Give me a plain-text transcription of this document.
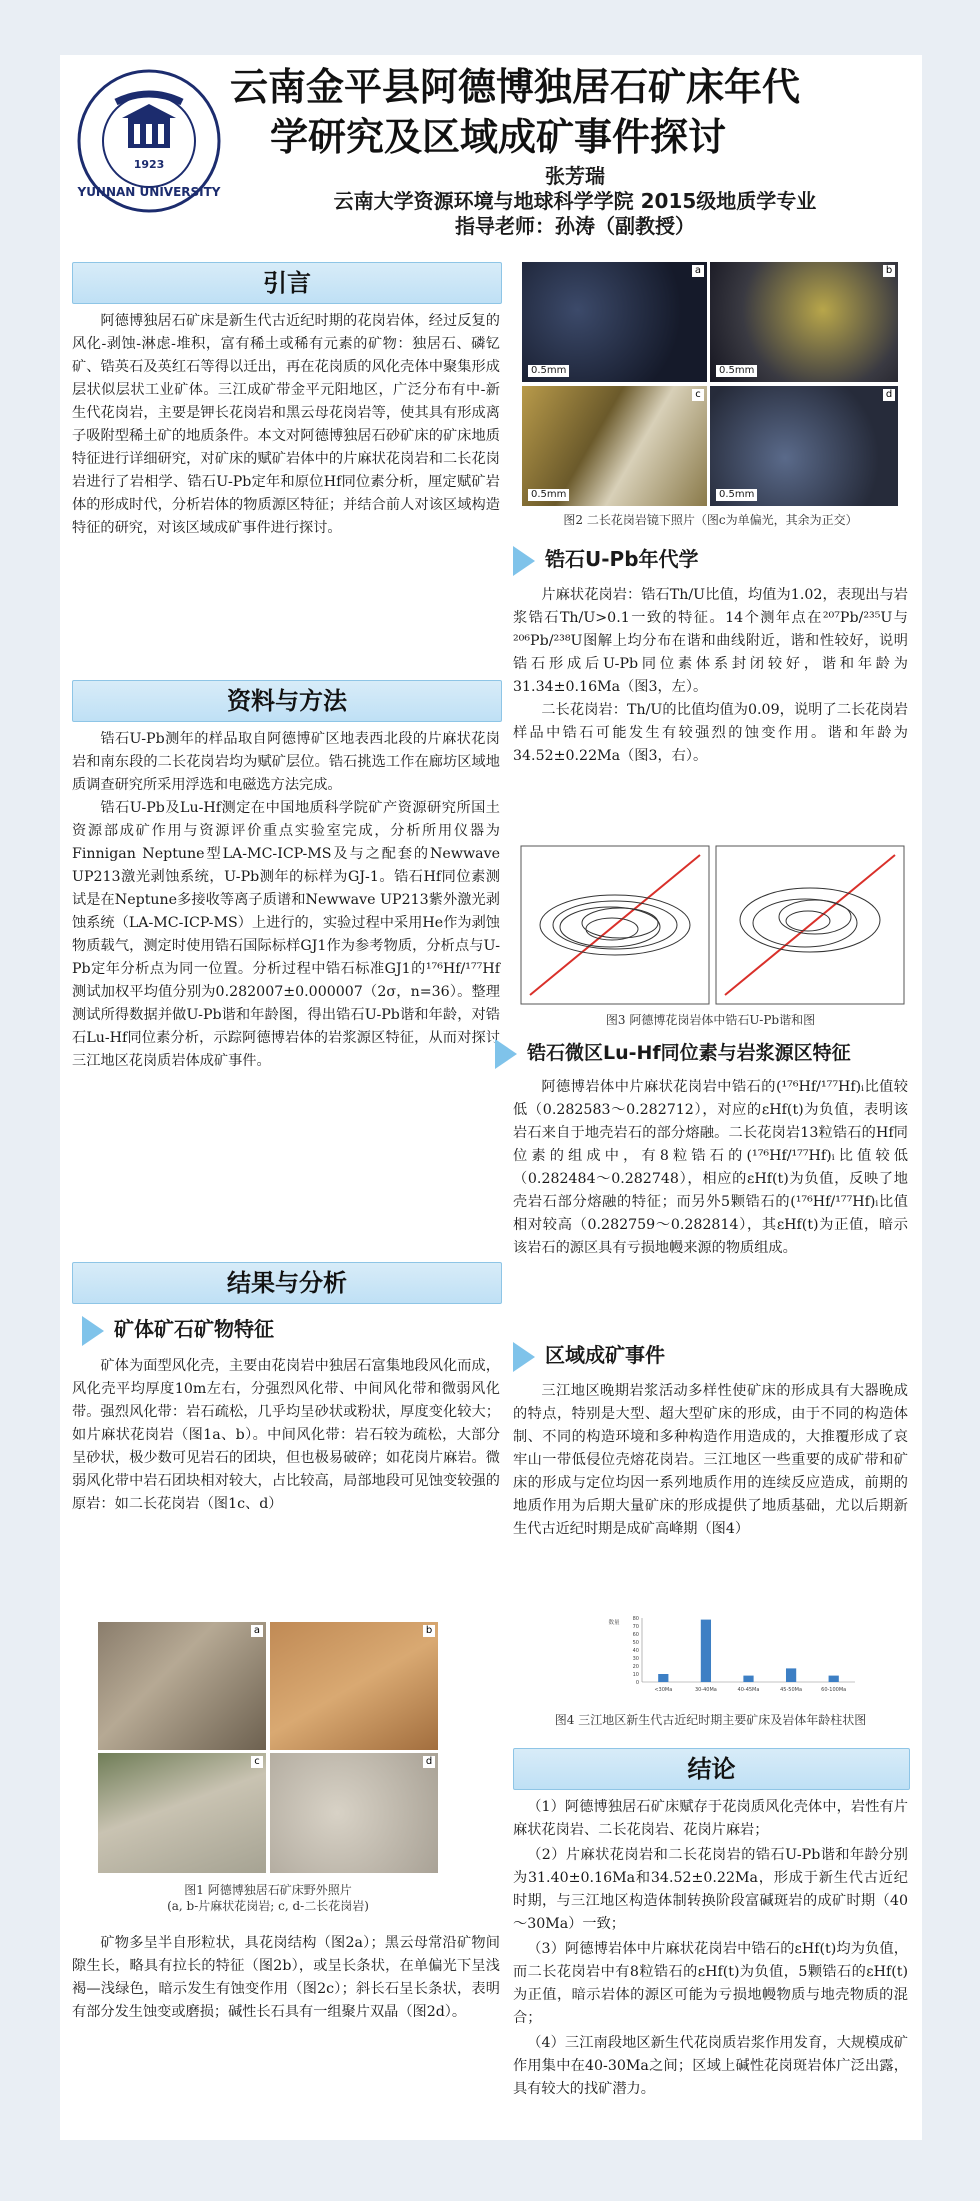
YUNNAN UNIVERSITY
1923
云南金平县阿德博独居石矿床年代
学研究及区域成矿事件探讨
张芳瑞
云南大学资源环境与地球科学学院 2015级地质学专业
指导老师：孙涛（副教授）
引言

阿德博独居石矿床是新生代古近纪时期的花岗岩体，经过反复的风化-剥蚀-淋虑-堆积，富有稀土或稀有元素的矿物：独居石、磷钇矿、锆英石及英红石等得以迁出，再在花岗质的风化壳体中聚集形成层状似层状工业矿体。三江成矿带金平元阳地区，广泛分布有中-新生代花岗岩，主要是钾长花岗岩和黑云母花岗岩等，使其具有形成离子吸附型稀土矿的地质条件。本文对阿德博独居石砂矿床的矿床地质特征进行详细研究，对矿床的赋矿岩体中的片麻状花岗岩和二长花岗岩进行了岩相学、锆石U-Pb定年和原位Hf同位素分析，厘定赋矿岩体的形成时代，分析岩体的物质源区特征；并结合前人对该区域构造特征的研究，对该区域成矿事件进行探讨。

资料与方法

锆石U-Pb测年的样品取自阿德博矿区地表西北段的片麻状花岗岩和南东段的二长花岗岩均为赋矿层位。锆石挑选工作在廊坊区域地质调查研究所采用浮选和电磁选方法完成。

锆石U-Pb及Lu-Hf测定在中国地质科学院矿产资源研究所国土资源部成矿作用与资源评价重点实验室完成，分析所用仪器为Finnigan Neptune型LA-MC-ICP-MS及与之配套的Newwave UP213激光剥蚀系统，U-Pb测年的标样为GJ-1。锆石Hf同位素测试是在Neptune多接收等离子质谱和Newwave UP213紫外激光剥蚀系统（LA-MC-ICP-MS）上进行的，实验过程中采用He作为剥蚀物质载气，测定时使用锆石国际标样GJ1作为参考物质，分析点与U-Pb定年分析点为同一位置。分析过程中锆石标准GJ1的¹⁷⁶Hf/¹⁷⁷Hf测试加权平均值分别为0.282007±0.000007（2σ，n=36）。整理测试所得数据并做U-Pb谐和年龄图，得出锆石U-Pb谐和年龄，对锆石Lu-Hf同位素分析，示踪阿德博岩体的岩浆源区特征，从而对探讨三江地区花岗质岩体成矿事件。

结果与分析
矿体矿石矿物特征

矿体为面型风化壳，主要由花岗岩中独居石富集地段风化而成，风化壳平均厚度10m左右，分强烈风化带、中间风化带和微弱风化带。强烈风化带：岩石疏松，几乎均呈砂状或粉状，厚度变化较大；如片麻状花岗岩（图1a、b）。中间风化带：岩石较为疏松，大部分呈砂状，极少数可见岩石的团块，但也极易破碎；如花岗片麻岩。微弱风化带中岩石团块相对较大，占比较高，局部地段可见蚀变较强的原岩：如二长花岗岩（图1c、d）

a	b
c	d
图1 阿德博独居石矿床野外照片
(a, b-片麻状花岗岩; c, d-二长花岗岩)

矿物多呈半自形粒状，具花岗结构（图2a）；黑云母常沿矿物间隙生长，略具有拉长的特征（图2b），或呈长条状，在单偏光下呈浅褐—浅绿色，暗示发生有蚀变作用（图2c）；斜长石呈长条状，表明有部分发生蚀变或磨损；碱性长石具有一组聚片双晶（图2d）。

a
0.5mm
b
0.5mm
c
0.5mm
d
0.5mm
图2 二长花岗岩镜下照片（图c为单偏光，其余为正交）
锆石U-Pb年代学

片麻状花岗岩：锆石Th/U比值，均值为1.02，表现出与岩浆锆石Th/U>0.1一致的特征。14个测年点在²⁰⁷Pb/²³⁵U与²⁰⁶Pb/²³⁸U图解上均分布在谐和曲线附近，谐和性较好，说明锆石形成后U-Pb同位素体系封闭较好，谐和年龄为31.34±0.16Ma（图3，左）。

二长花岗岩：Th/U的比值均值为0.09，说明了二长花岗岩样品中锆石可能发生有较强烈的蚀变作用。谐和年龄为34.52±0.22Ma（图3，右）。

图3 阿德博花岗岩体中锆石U-Pb谐和图
锆石微区Lu-Hf同位素与岩浆源区特征

阿德博岩体中片麻状花岗岩中锆石的(¹⁷⁶Hf/¹⁷⁷Hf)ᵢ比值较低（0.282583～0.282712），对应的εHf(t)为负值，表明该岩石来自于地壳岩石的部分熔融。二长花岗岩13粒锆石的Hf同位素的组成中，有8粒锆石的(¹⁷⁶Hf/¹⁷⁷Hf)ᵢ比值较低（0.282484～0.282748），相应的εHf(t)为负值，反映了地壳岩石部分熔融的特征；而另外5颗锆石的(¹⁷⁶Hf/¹⁷⁷Hf)ᵢ比值相对较高（0.282759～0.282814），其εHf(t)为正值，暗示该岩石的源区具有亏损地幔来源的物质组成。

区域成矿事件

三江地区晚期岩浆活动多样性使矿床的形成具有大器晚成的特点，特别是大型、超大型矿床的形成，由于不同的构造体制、不同的构造环境和多种构造作用造成的，大推覆形成了哀牢山一带低侵位壳熔花岗岩。三江地区一些重要的成矿带和矿床的形成与定位均因一系列地质作用的连续反应造成，前期的地质作用为后期大量矿床的形成提供了地质基础，尤以后期新生代古近纪时期是成矿高峰期（图4）

0
10
20
30
40
50
60
70
80
数量
<30Ma	30-40Ma	40-45Ma	45-50Ma	60-100Ma
图4 三江地区新生代古近纪时期主要矿床及岩体年龄柱状图
结论

（1）阿德博独居石矿床赋存于花岗质风化壳体中，岩性有片麻状花岗岩、二长花岗岩、花岗片麻岩；

（2）片麻状花岗岩和二长花岗岩的锆石U-Pb谐和年龄分别为31.40±0.16Ma和34.52±0.22Ma，形成于新生代古近纪时期，与三江地区构造体制转换阶段富碱斑岩的成矿时期（40～30Ma）一致；

（3）阿德博岩体中片麻状花岗岩中锆石的εHf(t)均为负值，而二长花岗岩中有8粒锆石的εHf(t)为负值，5颗锆石的εHf(t)为正值，暗示岩体的源区可能为亏损地幔物质与地壳物质的混合；

（4）三江南段地区新生代花岗质岩浆作用发育，大规模成矿作用集中在40-30Ma之间；区域上碱性花岗斑岩体广泛出露，具有较大的找矿潜力。
